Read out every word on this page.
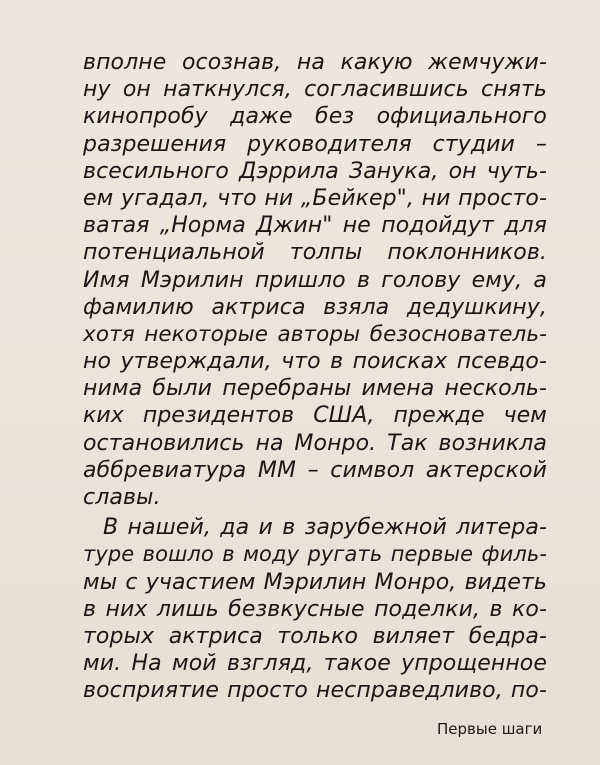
вполне осознав, на какую жемчужи-
ну он наткнулся, согласившись снять
кинопробу даже без официального
разрешения руководителя студии –
всесильного Дэррила Занука, он чуть-
ем угадал, что ни „Бейкер", ни просто-
ватая „Норма Джин" не подойдут для
потенциальной толпы поклонников.
Имя Мэрилин пришло в голову ему, а
фамилию актриса взяла дедушкину,
хотя некоторые авторы безоснователь-
но утверждали, что в поисках псевдо-
нима были перебраны имена несколь-
ких президентов США, прежде чем
остановились на Монро. Так возникла
аббревиатура ММ – символ актерской
славы.
В нашей, да и в зарубежной литера-
туре вошло в моду ругать первые филь-
мы с участием Мэрилин Монро, видеть
в них лишь безвкусные поделки, в ко-
торых актриса только виляет бедра-
ми. На мой взгляд, такое упрощенное
восприятие просто несправедливо, по-
Первые шаги
